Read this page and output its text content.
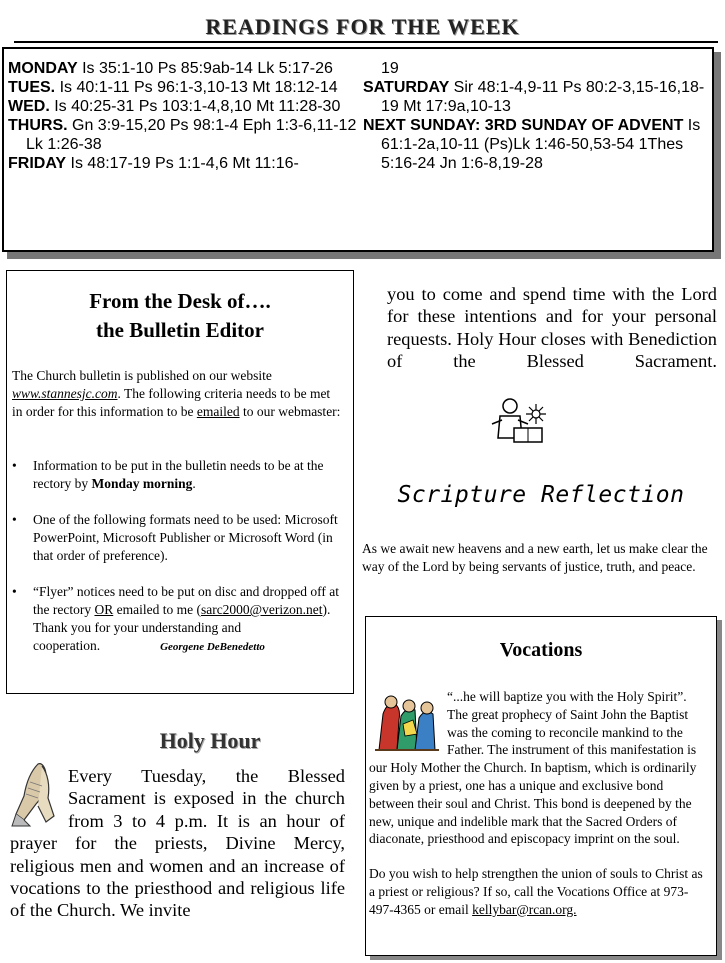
READINGS FOR THE WEEK

MONDAY Is 35:1-10 Ps 85:9ab-14 Lk 5:17-26

TUES. Is 40:1-11 Ps 96:1-3,10-13 Mt 18:12-14

WED. Is 40:25-31 Ps 103:1-4,8,10 Mt 11:28-30

THURS. Gn 3:9-15,20 Ps 98:1-4 Eph 1:3-6,11-12 Lk 1:26-38

FRIDAY Is 48:17-19 Ps 1:1-4,6 Mt 11:16-

19

SATURDAY Sir 48:1-4,9-11 Ps 80:2-3,15-16,18-19 Mt 17:9a,10-13

NEXT SUNDAY: 3RD SUNDAY OF ADVENT Is 61:1-2a,10-11 (Ps)Lk 1:46-50,53-54 1Thes 5:16-24 Jn 1:6-8,19-28

From the Desk of….
the Bulletin Editor
The Church bulletin is published on our website www.stannesjc.com. The following criteria needs to be met in order for this information to be emailed to our webmaster:
• Information to be put in the bulletin needs to be at the rectory by Monday morning.
• One of the following formats need to be used: Microsoft PowerPoint, Microsoft Publisher or Microsoft Word (in that order of preference).
• “Flyer” notices need to be put on disc and dropped off at the rectory OR emailed to me (sarc2000@verizon.net).
Thank you for your understanding and cooperation.	Georgene DeBenedetto
Holy Hour
Every Tuesday, the Blessed Sacrament is exposed in the church from 3 to 4 p.m. It is an hour of prayer for the priests, Divine Mercy, religious men and women and an increase of vocations to the priesthood and religious life of the Church. We invite
you to come and spend time with the Lord for these intentions and for your personal requests. Holy Hour closes with Benediction of the Blessed Sacrament.
Scripture Reflection
As we await new heavens and a new earth, let us make clear the way of the Lord by being servants of justice, truth, and peace.
Vocations

“...he will baptize you with the Holy Spirit”. The great prophecy of Saint John the Baptist was the coming to reconcile mankind to the Father. The instrument of this manifestation is our Holy Mother the Church. In baptism, which is ordinarily given by a priest, one has a unique and exclusive bond between their soul and Christ. This bond is deepened by the new, unique and indelible mark that the Sacred Orders of diaconate, priesthood and episcopacy imprint on the soul.

Do you wish to help strengthen the union of souls to Christ as a priest or religious? If so, call the Vocations Office at 973-497-4365 or email kellybar@rcan.org.
